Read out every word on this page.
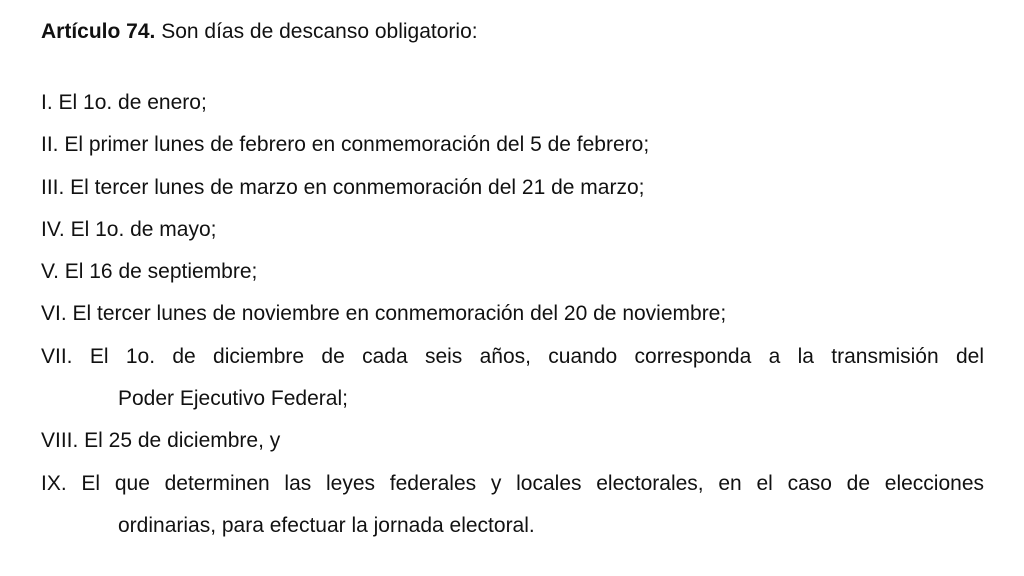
Artículo 74. Son días de descanso obligatorio:
I. El 1o. de enero;
II. El primer lunes de febrero en conmemoración del 5 de febrero;
III. El tercer lunes de marzo en conmemoración del 21 de marzo;
IV. El 1o. de mayo;
V. El 16 de septiembre;
VI. El tercer lunes de noviembre en conmemoración del 20 de noviembre;
VII. El 1o. de diciembre de cada seis años, cuando corresponda a la transmisión del
Poder Ejecutivo Federal;
VIII. El 25 de diciembre, y
IX. El que determinen las leyes federales y locales electorales, en el caso de elecciones
ordinarias, para efectuar la jornada electoral.
